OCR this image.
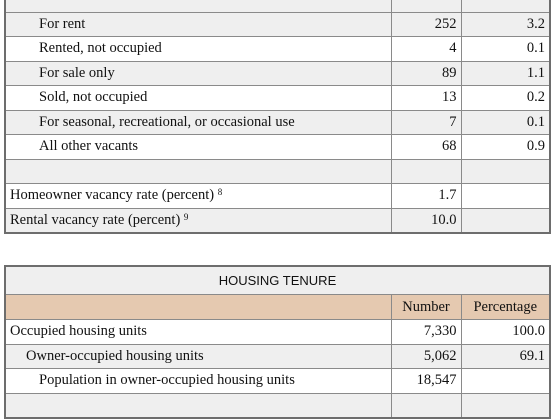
For rent	252	3.2
Rented, not occupied	4	0.1
For sale only	89	1.1
Sold, not occupied	13	0.2
For seasonal, recreational, or occasional use	7	0.1
All other vacants	68	0.9

Homeowner vacancy rate (percent) $^8$	1.7	
Rental vacancy rate (percent) $^9$	10.0	
HOUSING TENURE		
	Number	Percentage
Occupied housing units	7,330	100.0
Owner-occupied housing units	5,062	69.1
Population in owner-occupied housing units	18,547	
